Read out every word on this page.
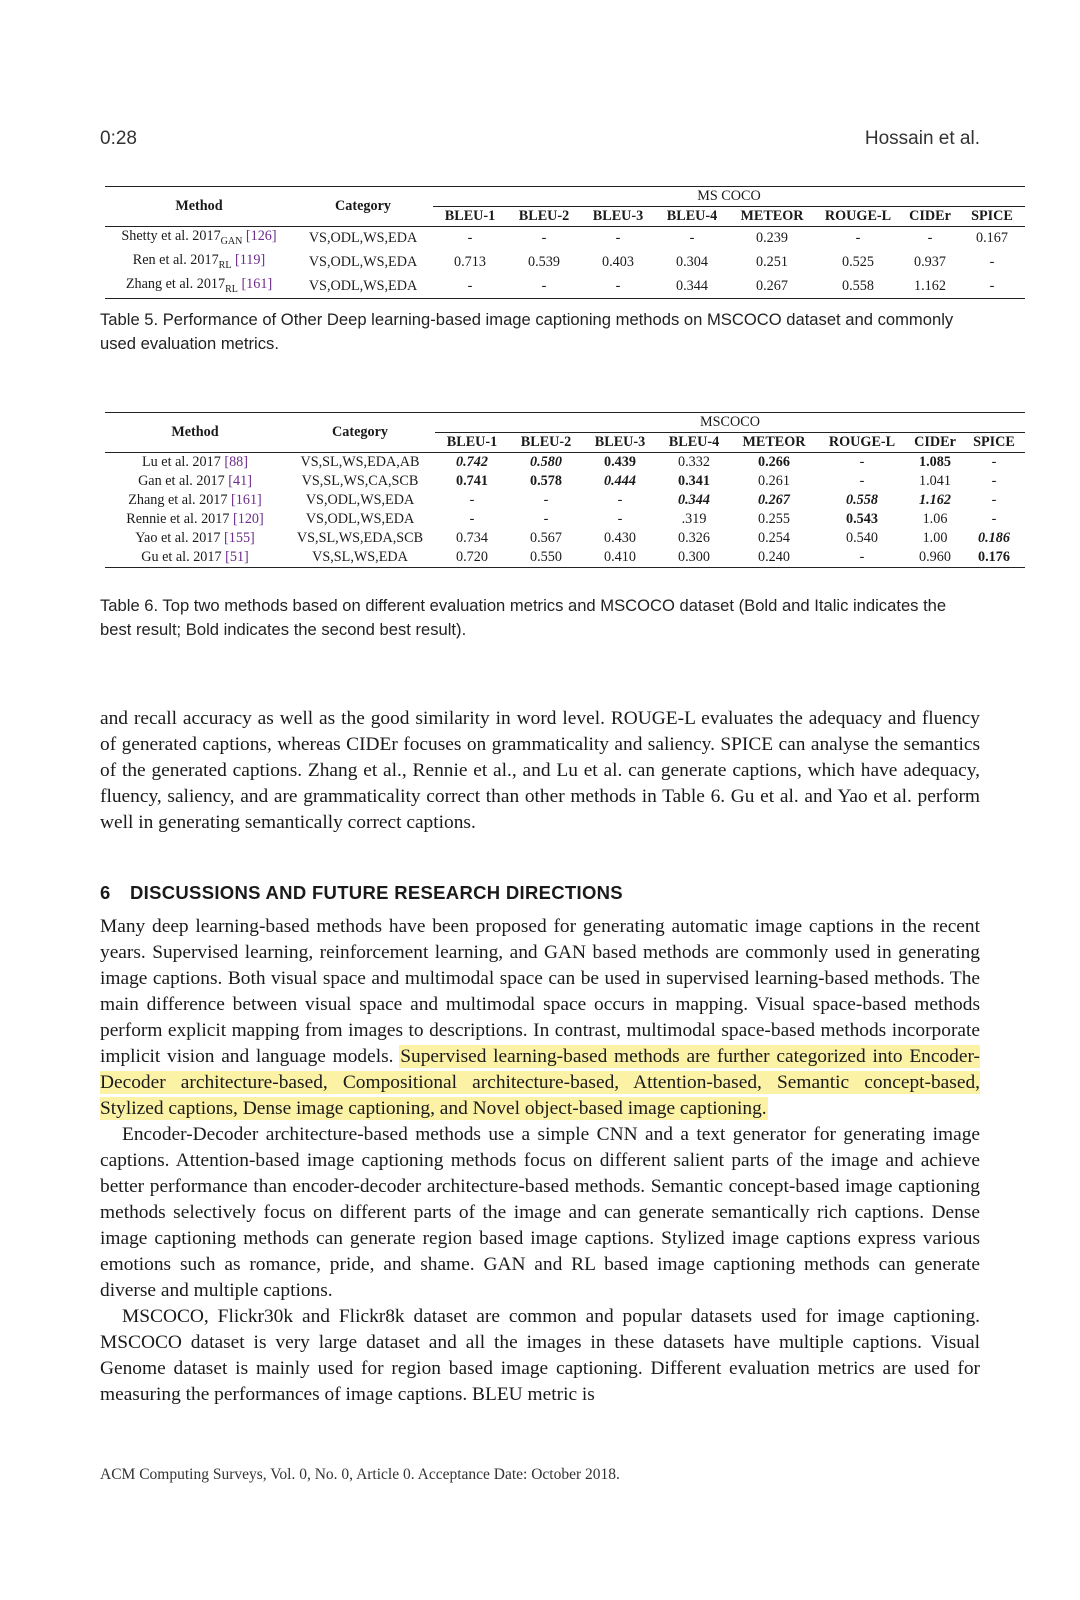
0:28	Hossain et al.
Method	Category	MS COCO							
		BLEU-1	BLEU-2	BLEU-3	BLEU-4	METEOR	ROUGE-L	CIDEr	SPICE
Shetty et al. $2017_{GAN}$ [126]	VS,ODL,WS,EDA	-	-	-	-	0.239	-	-	0.167
Ren et al. $2017_{RL}$ [119]	VS,ODL,WS,EDA	0.713	0.539	0.403	0.304	0.251	0.525	0.937	-
Zhang et al. $2017_{RL}$ [161]	VS,ODL,WS,EDA	-	-	-	0.344	0.267	0.558	1.162	-
Table 5. Performance of Other Deep learning-based image captioning methods on MSCOCO dataset and commonly used evaluation metrics.
Method	Category	MSCOCO							
		BLEU-1	BLEU-2	BLEU-3	BLEU-4	METEOR	ROUGE-L	CIDEr	SPICE
Lu et al. 2017 [88]	VS,SL,WS,EDA,AB	0.742	0.580	0.439	0.332	0.266	-	1.085	-
Gan et al. 2017 [41]	VS,SL,WS,CA,SCB	0.741	0.578	0.444	0.341	0.261	-	1.041	-
Zhang et al. 2017 [161]	VS,ODL,WS,EDA	-	-	-	0.344	0.267	0.558	1.162	-
Rennie et al. 2017 [120]	VS,ODL,WS,EDA	-	-	-	.319	0.255	0.543	1.06	-
Yao et al. 2017 [155]	VS,SL,WS,EDA,SCB	0.734	0.567	0.430	0.326	0.254	0.540	1.00	0.186
Gu et al. 2017 [51]	VS,SL,WS,EDA	0.720	0.550	0.410	0.300	0.240	-	0.960	0.176
Table 6. Top two methods based on different evaluation metrics and MSCOCO dataset (Bold and Italic indicates the best result; Bold indicates the second best result).

and recall accuracy as well as the good similarity in word level. ROUGE-L evaluates the adequacy and fluency of generated captions, whereas CIDEr focuses on grammaticality and saliency. SPICE can analyse the semantics of the generated captions. Zhang et al., Rennie et al., and Lu et al. can generate captions, which have adequacy, fluency, saliency, and are grammaticality correct than other methods in Table 6. Gu et al. and Yao et al. perform well in generating semantically correct captions.

6 DISCUSSIONS AND FUTURE RESEARCH DIRECTIONS

Many deep learning-based methods have been proposed for generating automatic image captions in the recent years. Supervised learning, reinforcement learning, and GAN based methods are commonly used in generating image captions. Both visual space and multimodal space can be used in supervised learning-based methods. The main difference between visual space and multimodal space occurs in mapping. Visual space-based methods perform explicit mapping from images to descriptions. In contrast, multimodal space-based methods incorporate implicit vision and language models. Supervised learning-based methods are further categorized into Encoder-Decoder architecture-based, Compositional architecture-based, Attention-based, Semantic concept-based, Stylized captions, Dense image captioning, and Novel object-based image captioning.

Encoder-Decoder architecture-based methods use a simple CNN and a text generator for generating image captions. Attention-based image captioning methods focus on different salient parts of the image and achieve better performance than encoder-decoder architecture-based methods. Semantic concept-based image captioning methods selectively focus on different parts of the image and can generate semantically rich captions. Dense image captioning methods can generate region based image captions. Stylized image captions express various emotions such as romance, pride, and shame. GAN and RL based image captioning methods can generate diverse and multiple captions.

MSCOCO, Flickr30k and Flickr8k dataset are common and popular datasets used for image captioning. MSCOCO dataset is very large dataset and all the images in these datasets have multiple captions. Visual Genome dataset is mainly used for region based image captioning. Different evaluation metrics are used for measuring the performances of image captions. BLEU metric is

ACM Computing Surveys, Vol. 0, No. 0, Article 0. Acceptance Date: October 2018.
